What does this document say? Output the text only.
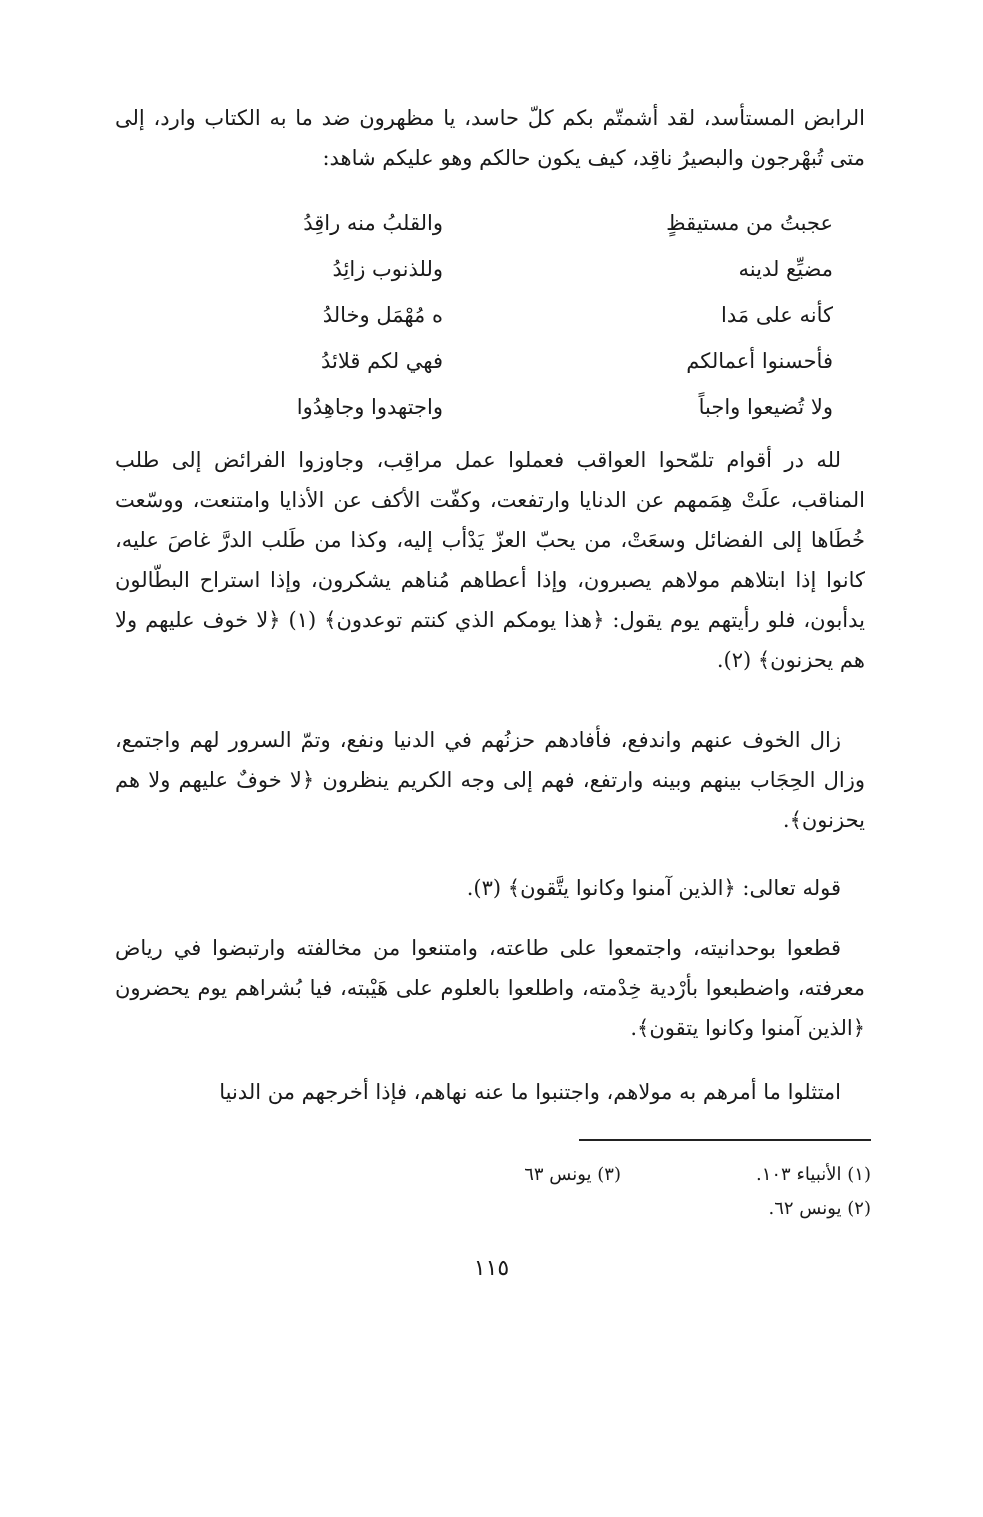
الرابض المستأسد، لقد أشمتّم بكم كلّ حاسد، يا مظهرون ضد ما به الكتاب وارد، إلى متى تُبهْرجون والبصيرُ ناقِد، كيف يكون حالكم وهو عليكم شاهد:

عجبتُ من مستيقظٍ
والقلبُ منه راقِدُ
مضيِّع لدينه
وللذنوب زائِدُ
كأنه على مَدا
ه مُهْمَل وخالدُ
فأحسنوا أعمالكم
فهي لكم قلائدُ
ولا تُضيعوا واجباً
واجتهدوا وجاهِدُوا

لله در أقوام تلمّحوا العواقب فعملوا عمل مراقِب، وجاوزوا الفرائض إلى طلب المناقب، علَتْ هِمَمهم عن الدنايا وارتفعت، وكفّت الأكف عن الأذايا وامتنعت، ووسّعت خُطَاها إلى الفضائل وسعَتْ، من يحبّ العزّ يَدْأب إليه، وكذا من طَلب الدرَّ غاصَ عليه، كانوا إذا ابتلاهم مولاهم يصبرون، وإذا أعطاهم مُناهم يشكرون، وإذا استراح البطّالون يدأبون، فلو رأيتهم يوم يقول: ﴿هذا يومكم الذي كنتم توعدون﴾ (١) ﴿لا خوف عليهم ولا هم يحزنون﴾ (٢).

زال الخوف عنهم واندفع، فأفادهم حزنُهم في الدنيا ونفع، وتمّ السرور لهم واجتمع، وزال الحِجَاب بينهم وبينه وارتفع، فهم إلى وجه الكريم ينظرون ﴿لا خوفٌ عليهم ولا هم يحزنون﴾.

قوله تعالى: ﴿الذين آمنوا وكانوا يتَّقون﴾ (٣).

قطعوا بوحدانيته، واجتمعوا على طاعته، وامتنعوا من مخالفته وارتبضوا في رياض معرفته، واضطبعوا بأرْدية خِدْمته، واطلعوا بالعلوم على هَيْبته، فيا بُشراهم يوم يحضرون ﴿الذين آمنوا وكانوا يتقون﴾.

امتثلوا ما أمرهم به مولاهم، واجتنبوا ما عنه نهاهم، فإذا أخرجهم من الدنيا

(١) الأنبياء ١٠٣.
(٣) يونس ٦٣
(٢) يونس ٦٢.
١١٥
